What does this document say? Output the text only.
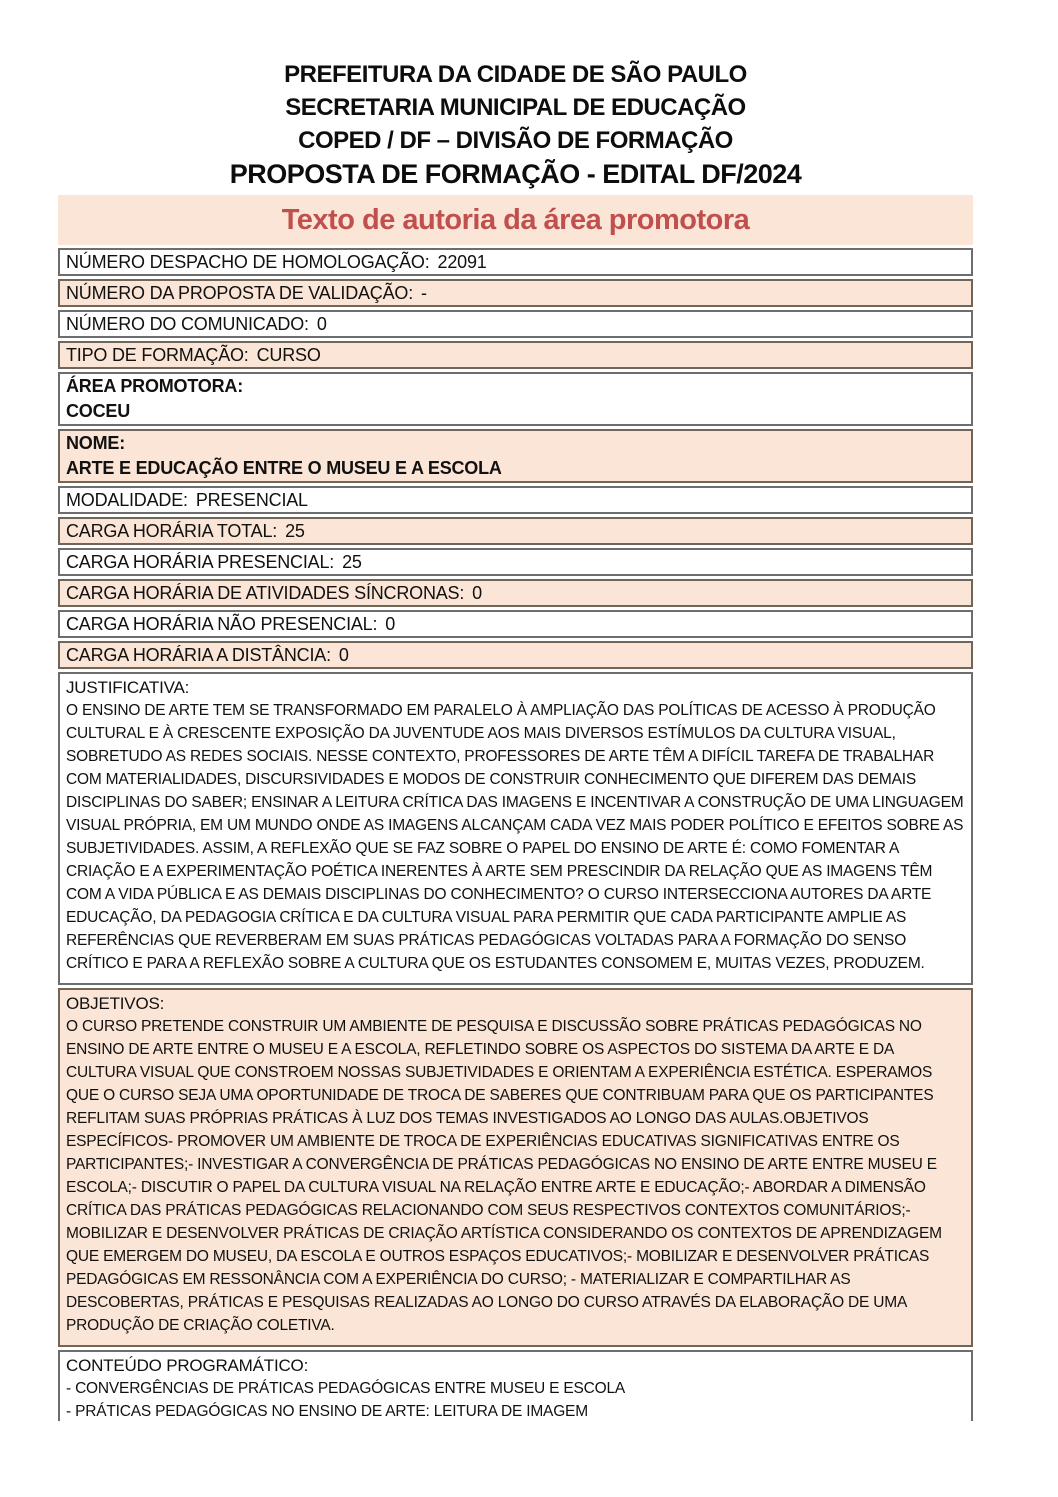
PREFEITURA DA CIDADE DE SÃO PAULO
SECRETARIA MUNICIPAL DE EDUCAÇÃO
COPED / DF – DIVISÃO DE FORMAÇÃO
PROPOSTA DE FORMAÇÃO - EDITAL DF/2024
Texto de autoria da área promotora
NÚMERO DESPACHO DE HOMOLOGAÇÃO: 22091
NÚMERO DA PROPOSTA DE VALIDAÇÃO: -
NÚMERO DO COMUNICADO: 0
TIPO DE FORMAÇÃO: CURSO
ÁREA PROMOTORA:
COCEU
NOME:
ARTE E EDUCAÇÃO ENTRE O MUSEU E A ESCOLA
MODALIDADE: PRESENCIAL
CARGA HORÁRIA TOTAL: 25
CARGA HORÁRIA PRESENCIAL: 25
CARGA HORÁRIA DE ATIVIDADES SÍNCRONAS: 0
CARGA HORÁRIA NÃO PRESENCIAL: 0
CARGA HORÁRIA A DISTÂNCIA: 0
JUSTIFICATIVA:
O ENSINO DE ARTE TEM SE TRANSFORMADO EM PARALELO À AMPLIAÇÃO DAS POLÍTICAS DE ACESSO À PRODUÇÃO CULTURAL E À CRESCENTE EXPOSIÇÃO DA JUVENTUDE AOS MAIS DIVERSOS ESTÍMULOS DA CULTURA VISUAL, SOBRETUDO AS REDES SOCIAIS. NESSE CONTEXTO, PROFESSORES DE ARTE TÊM A DIFÍCIL TAREFA DE TRABALHAR COM MATERIALIDADES, DISCURSIVIDADES E MODOS DE CONSTRUIR CONHECIMENTO QUE DIFEREM DAS DEMAIS DISCIPLINAS DO SABER; ENSINAR A LEITURA CRÍTICA DAS IMAGENS E INCENTIVAR A CONSTRUÇÃO DE UMA LINGUAGEM VISUAL PRÓPRIA, EM UM MUNDO ONDE AS IMAGENS ALCANÇAM CADA VEZ MAIS PODER POLÍTICO E EFEITOS SOBRE AS SUBJETIVIDADES. ASSIM, A REFLEXÃO QUE SE FAZ SOBRE O PAPEL DO ENSINO DE ARTE É: COMO FOMENTAR A CRIAÇÃO E A EXPERIMENTAÇÃO POÉTICA INERENTES À ARTE SEM PRESCINDIR DA RELAÇÃO QUE AS IMAGENS TÊM COM A VIDA PÚBLICA E AS DEMAIS DISCIPLINAS DO CONHECIMENTO? O CURSO INTERSECCIONA AUTORES DA ARTE EDUCAÇÃO, DA PEDAGOGIA CRÍTICA E DA CULTURA VISUAL PARA PERMITIR QUE CADA PARTICIPANTE AMPLIE AS REFERÊNCIAS QUE REVERBERAM EM SUAS PRÁTICAS PEDAGÓGICAS VOLTADAS PARA A FORMAÇÃO DO SENSO CRÍTICO E PARA A REFLEXÃO SOBRE A CULTURA QUE OS ESTUDANTES CONSOMEM E, MUITAS VEZES, PRODUZEM.
OBJETIVOS:
O CURSO PRETENDE CONSTRUIR UM AMBIENTE DE PESQUISA E DISCUSSÃO SOBRE PRÁTICAS PEDAGÓGICAS NO ENSINO DE ARTE ENTRE O MUSEU E A ESCOLA, REFLETINDO SOBRE OS ASPECTOS DO SISTEMA DA ARTE E DA CULTURA VISUAL QUE CONSTROEM NOSSAS SUBJETIVIDADES E ORIENTAM A EXPERIÊNCIA ESTÉTICA. ESPERAMOS QUE O CURSO SEJA UMA OPORTUNIDADE DE TROCA DE SABERES QUE CONTRIBUAM PARA QUE OS PARTICIPANTES REFLITAM SUAS PRÓPRIAS PRÁTICAS À LUZ DOS TEMAS INVESTIGADOS AO LONGO DAS AULAS.OBJETIVOS ESPECÍFICOS- PROMOVER UM AMBIENTE DE TROCA DE EXPERIÊNCIAS EDUCATIVAS SIGNIFICATIVAS ENTRE OS PARTICIPANTES;- INVESTIGAR A CONVERGÊNCIA DE PRÁTICAS PEDAGÓGICAS NO ENSINO DE ARTE ENTRE MUSEU E ESCOLA;- DISCUTIR O PAPEL DA CULTURA VISUAL NA RELAÇÃO ENTRE ARTE E EDUCAÇÃO;- ABORDAR A DIMENSÃO CRÍTICA DAS PRÁTICAS PEDAGÓGICAS RELACIONANDO COM SEUS RESPECTIVOS CONTEXTOS COMUNITÁRIOS;- MOBILIZAR E DESENVOLVER PRÁTICAS DE CRIAÇÃO ARTÍSTICA CONSIDERANDO OS CONTEXTOS DE APRENDIZAGEM QUE EMERGEM DO MUSEU, DA ESCOLA E OUTROS ESPAÇOS EDUCATIVOS;- MOBILIZAR E DESENVOLVER PRÁTICAS PEDAGÓGICAS EM RESSONÂNCIA COM A EXPERIÊNCIA DO CURSO; - MATERIALIZAR E COMPARTILHAR AS DESCOBERTAS, PRÁTICAS E PESQUISAS REALIZADAS AO LONGO DO CURSO ATRAVÉS DA ELABORAÇÃO DE UMA PRODUÇÃO DE CRIAÇÃO COLETIVA.
CONTEÚDO PROGRAMÁTICO:
- CONVERGÊNCIAS DE PRÁTICAS PEDAGÓGICAS ENTRE MUSEU E ESCOLA
- PRÁTICAS PEDAGÓGICAS NO ENSINO DE ARTE: LEITURA DE IMAGEM
